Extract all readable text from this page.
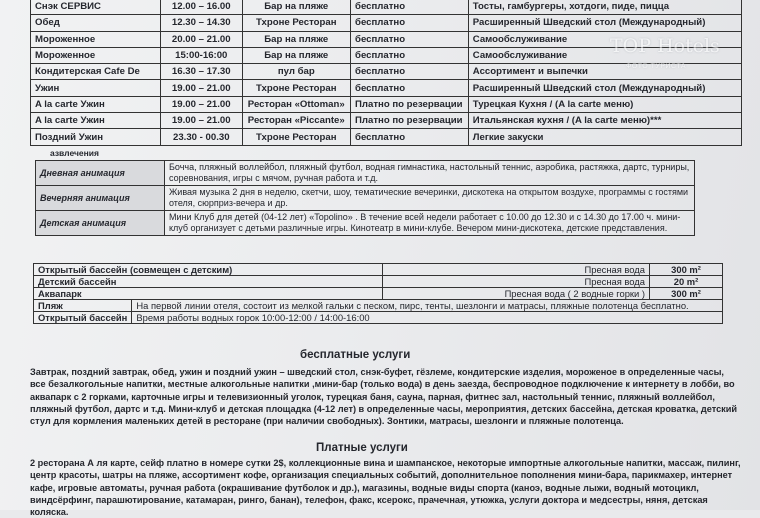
Снэк СЕРВИС	12.00 – 16.00	Бар на пляже	бесплатно	Тосты, гамбургеры, хотдоги, пиде, пицца
Обед	12.30 – 14.30	Тхроне Ресторан	бесплатно	Расширенный Шведский стол (Международный)
Мороженное	20.00 – 21.00	Бар на пляже	бесплатно	Самообслуживание
Мороженное	15:00-16:00	Бар на пляже	бесплатно	Самообслуживание
Кондитерская Cafe De	16.30 – 17.30	пул бар	бесплатно	Ассортимент и выпечки
Ужин	19.00 – 21.00	Тхроне Ресторан	бесплатно	Расширенный Шведский стол (Международный)
A la carte Ужин	19.00 – 21.00	Ресторан «Ottoman»	Платно по резервации	Турецкая Кухня / (A la carte меню)
A la carte Ужин	19.00 – 21.00	Ресторан «Piccante»	Платно по резервации	Итальянская кухня / (A la carte меню)***
Поздний Ужин	23.30 - 00.30	Тхроне Ресторан	бесплатно	Легкие закуски
азвлечения
Дневная анимация	Бочча, пляжный воллейбол, пляжный футбол, водная гимнастика, настольный теннис, аэробика, растяжка, дартс, турниры, соревнования, игры с мячом, ручная работа и т.д.
Вечерняя анимация	Живая музыка 2 дня в неделю, скетчи, шоу, тематические вечеринки, дискотека на открытом воздухе, программы с гостями отеля, сюрприз-вечера и др.
Детская анимация	Мини Клуб для детей (04-12 лет) «Topolino» . В течение всей недели работает с 10.00 до 12.30 и с 14.30 до 17.00 ч. мини-клуб организует с детьми различные игры. Кинотеатр в мини-клубе. Вечером мини-дискотека, детские представления.
Открытый бассейн (совмещен с детским)		Пресная вода	300 m²
Детский бассейн		Пресная вода	20 m²
Аквапарк		Пресная вода ( 2 водные горки )	300 m²
Пляж	На первой линии отеля, состоит из мелкой гальки с песком, пирс, тенты, шезлонги и матрасы, пляжные полотенца бесплатно.		
Открытый бассейн	Время работы водных горок 10:00-12:00 / 14:00-16:00		
бесплатные услуги
Завтрак, поздний завтрак, обед, ужин и поздний ужин – шведский стол, снэк-буфет, гёзлеме, кондитерские изделия, мороженое в определенные часы, все безалкогольные напитки, местные алкогольные напитки ,мини-бар (только вода) в день заезда, беспроводное подключение к интернету в лобби, во аквапарк с 2 горками, карточные игры и телевизионный уголок, турецкая баня, сауна, парная, фитнес зал, настольный теннис, пляжный воллейбол, пляжный футбол, дартс и т.д. Мини-клуб и детская площадка (4-12 лет) в определенные часы, мероприятия, детских бассейна, детская кроватка, детский стул для кормления маленьких детей в ресторане (при наличии свободных). Зонтики, матрасы, шезлонги и пляжные полотенца.
Платные услуги
2 ресторана А ля карте, сейф платно в номере сутки 2$, коллекционные вина и шампанское, некоторые импортные алкогольные напитки, массаж, пилинг, центр красоты, шатры на пляже, ассортимент кофе, организация специальных событий, дополнительное пополнения мини-бара, парикмахер, интернет кафе, игровые автоматы, ручная работа (окрашивание футболок и др.), магазины, водные виды спорта (каноэ, водные лыжи, водный мотоцикл, виндсёрфинг, парашютирование, катамаран, ринго, банан), телефон, факс, ксерокс, прачечная, утюжка, услуги доктора и медсестры, няня, детская коляска.
TOP Hotels
ФОТО ТУРИСТА
